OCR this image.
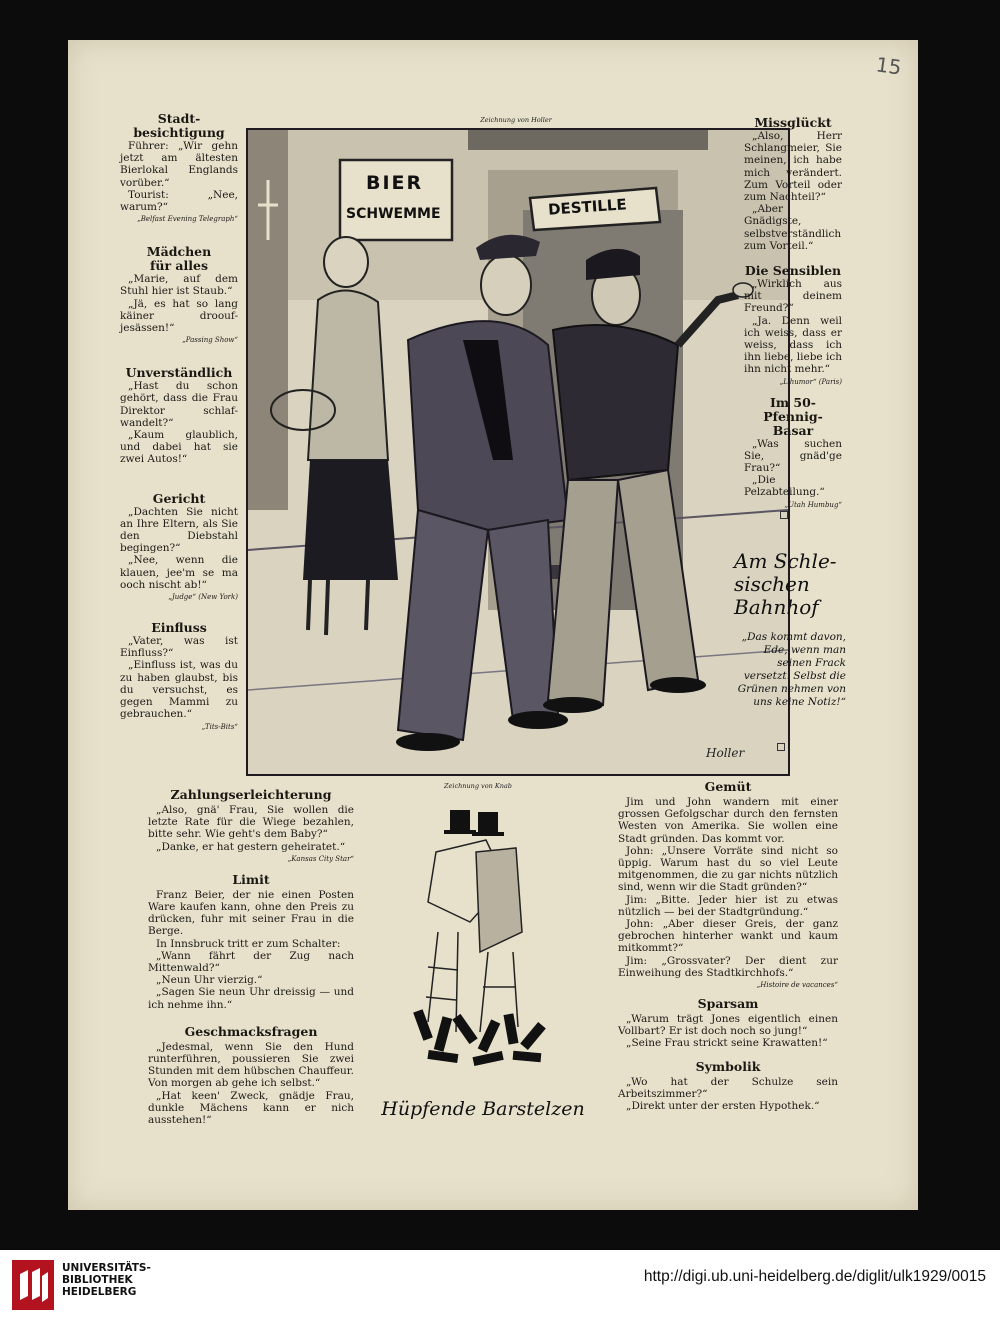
15
Stadt-
besichtigung

Führer: „Wir gehn jetzt am ältesten Bierlokal Englands vorüber.“

Tourist: „Nee, warum?“

„Belfast Evening Telegraph“
Mädchen
für alles

„Marie, auf dem Stuhl hier ist Staub.“

„Jä, es hat so lang käiner droouf-jesässen!“

„Passing Show“
Unverständlich

„Hast du schon gehört, dass die Frau Direktor schlaf-wandelt?“

„Kaum glaublich, und dabei hat sie zwei Autos!“

Gericht

„Dachten Sie nicht an Ihre Eltern, als Sie den Diebstahl begingen?“

„Nee, wenn die klauen, jee'm se ma ooch nischt ab!“

„Judge“ (New York)
Einfluss

„Vater, was ist Einfluss?“

„Einfluss ist, was du zu haben glaubst, bis du versuchst, es gegen Mammi zu gebrauchen.“

„Tits-Bits“
Zeichnung von Holler
BIER
SCHWEMME	DESTILLE
Holler
Missglückt

„Also, Herr Schlangmeier, Sie meinen, ich habe mich verändert. Zum Vorteil oder zum Nachteil?“

„Aber Gnädigste, selbstverständlich zum Vorteil.“

Die Sensiblen

„Wirklich aus mit deinem Freund?“

„Ja. Denn weil ich weiss, dass er weiss, dass ich ihn liebe, liebe ich ihn nicht mehr.“

„L'humor“ (Paris)
Im 50-Pfennig-
Basar

„Was suchen Sie, gnäd'ge Frau?“

„Die Pelzabteilung.“

„Utah Humbug“
Am Schle-
sischen
Bahnhof
„Das kommt davon, Ede, wenn man seinen Frack versetzt. Selbst die Grünen nehmen von uns keine Notiz!“
Zahlungserleichterung

„Also, gnä' Frau, Sie wollen die letzte Rate für die Wiege bezahlen, bitte sehr. Wie geht's dem Baby?“

„Danke, er hat gestern geheiratet.“

„Kansas City Star“
Limit

Franz Beier, der nie einen Posten Ware kaufen kann, ohne den Preis zu drücken, fuhr mit seiner Frau in die Berge.

In Innsbruck tritt er zum Schalter:

„Wann fährt der Zug nach Mittenwald?“

„Neun Uhr vierzig.“

„Sagen Sie neun Uhr dreissig — und ich nehme ihn.“

Geschmacksfragen

„Jedesmal, wenn Sie den Hund runterführen, poussieren Sie zwei Stunden mit dem hübschen Chauffeur. Von morgen ab gehe ich selbst.“

„Hat keen' Zweck, gnädje Frau, dunkle Mächens kann er nich ausstehen!“

Zeichnung von Knab
Hüpfende Barstelzen
Gemüt

Jim und John wandern mit einer grossen Gefolgschar durch den fernsten Westen von Amerika. Sie wollen eine Stadt gründen. Das kommt vor.

John: „Unsere Vorräte sind nicht so üppig. Warum hast du so viel Leute mitgenommen, die zu gar nichts nützlich sind, wenn wir die Stadt gründen?“

Jim: „Bitte. Jeder hier ist zu etwas nützlich — bei der Stadtgründung.“

John: „Aber dieser Greis, der ganz gebrochen hinterher wankt und kaum mitkommt?“

Jim: „Grossvater? Der dient zur Einweihung des Stadtkirchhofs.“

„Histoire de vacances“
Sparsam

„Warum trägt Jones eigentlich einen Vollbart? Er ist doch noch so jung!“

„Seine Frau strickt seine Krawatten!“

Symbolik

„Wo hat der Schulze sein Arbeitszimmer?“

„Direkt unter der ersten Hypothek.“

UNIVERSITÄTS-
BIBLIOTHEK
HEIDELBERG
http://digi.ub.uni-heidelberg.de/diglit/ulk1929/0015
